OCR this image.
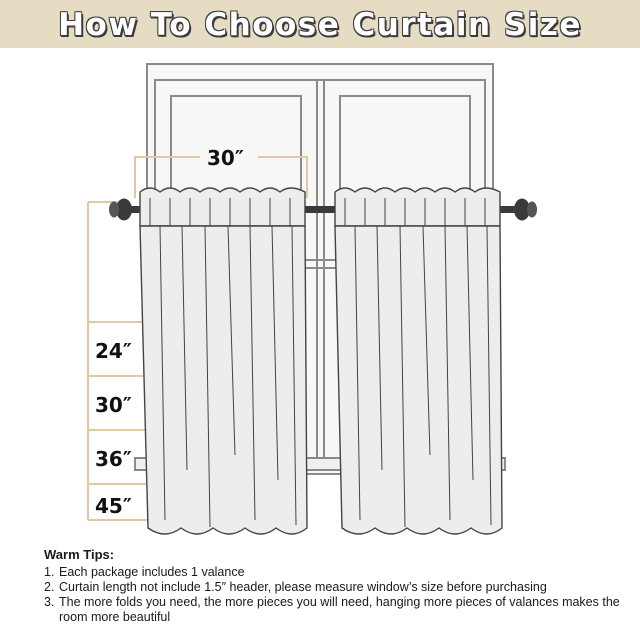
How To Choose Curtain Size
30″
24″
30″
36″
45″
Warm Tips:
1. Each package includes 1 valance
2. Curtain length not include 1.5″ header, please measure window’s size before purchasing
3. The more folds you need, the more pieces you will need, hanging more pieces of valances makes the room more beautiful
